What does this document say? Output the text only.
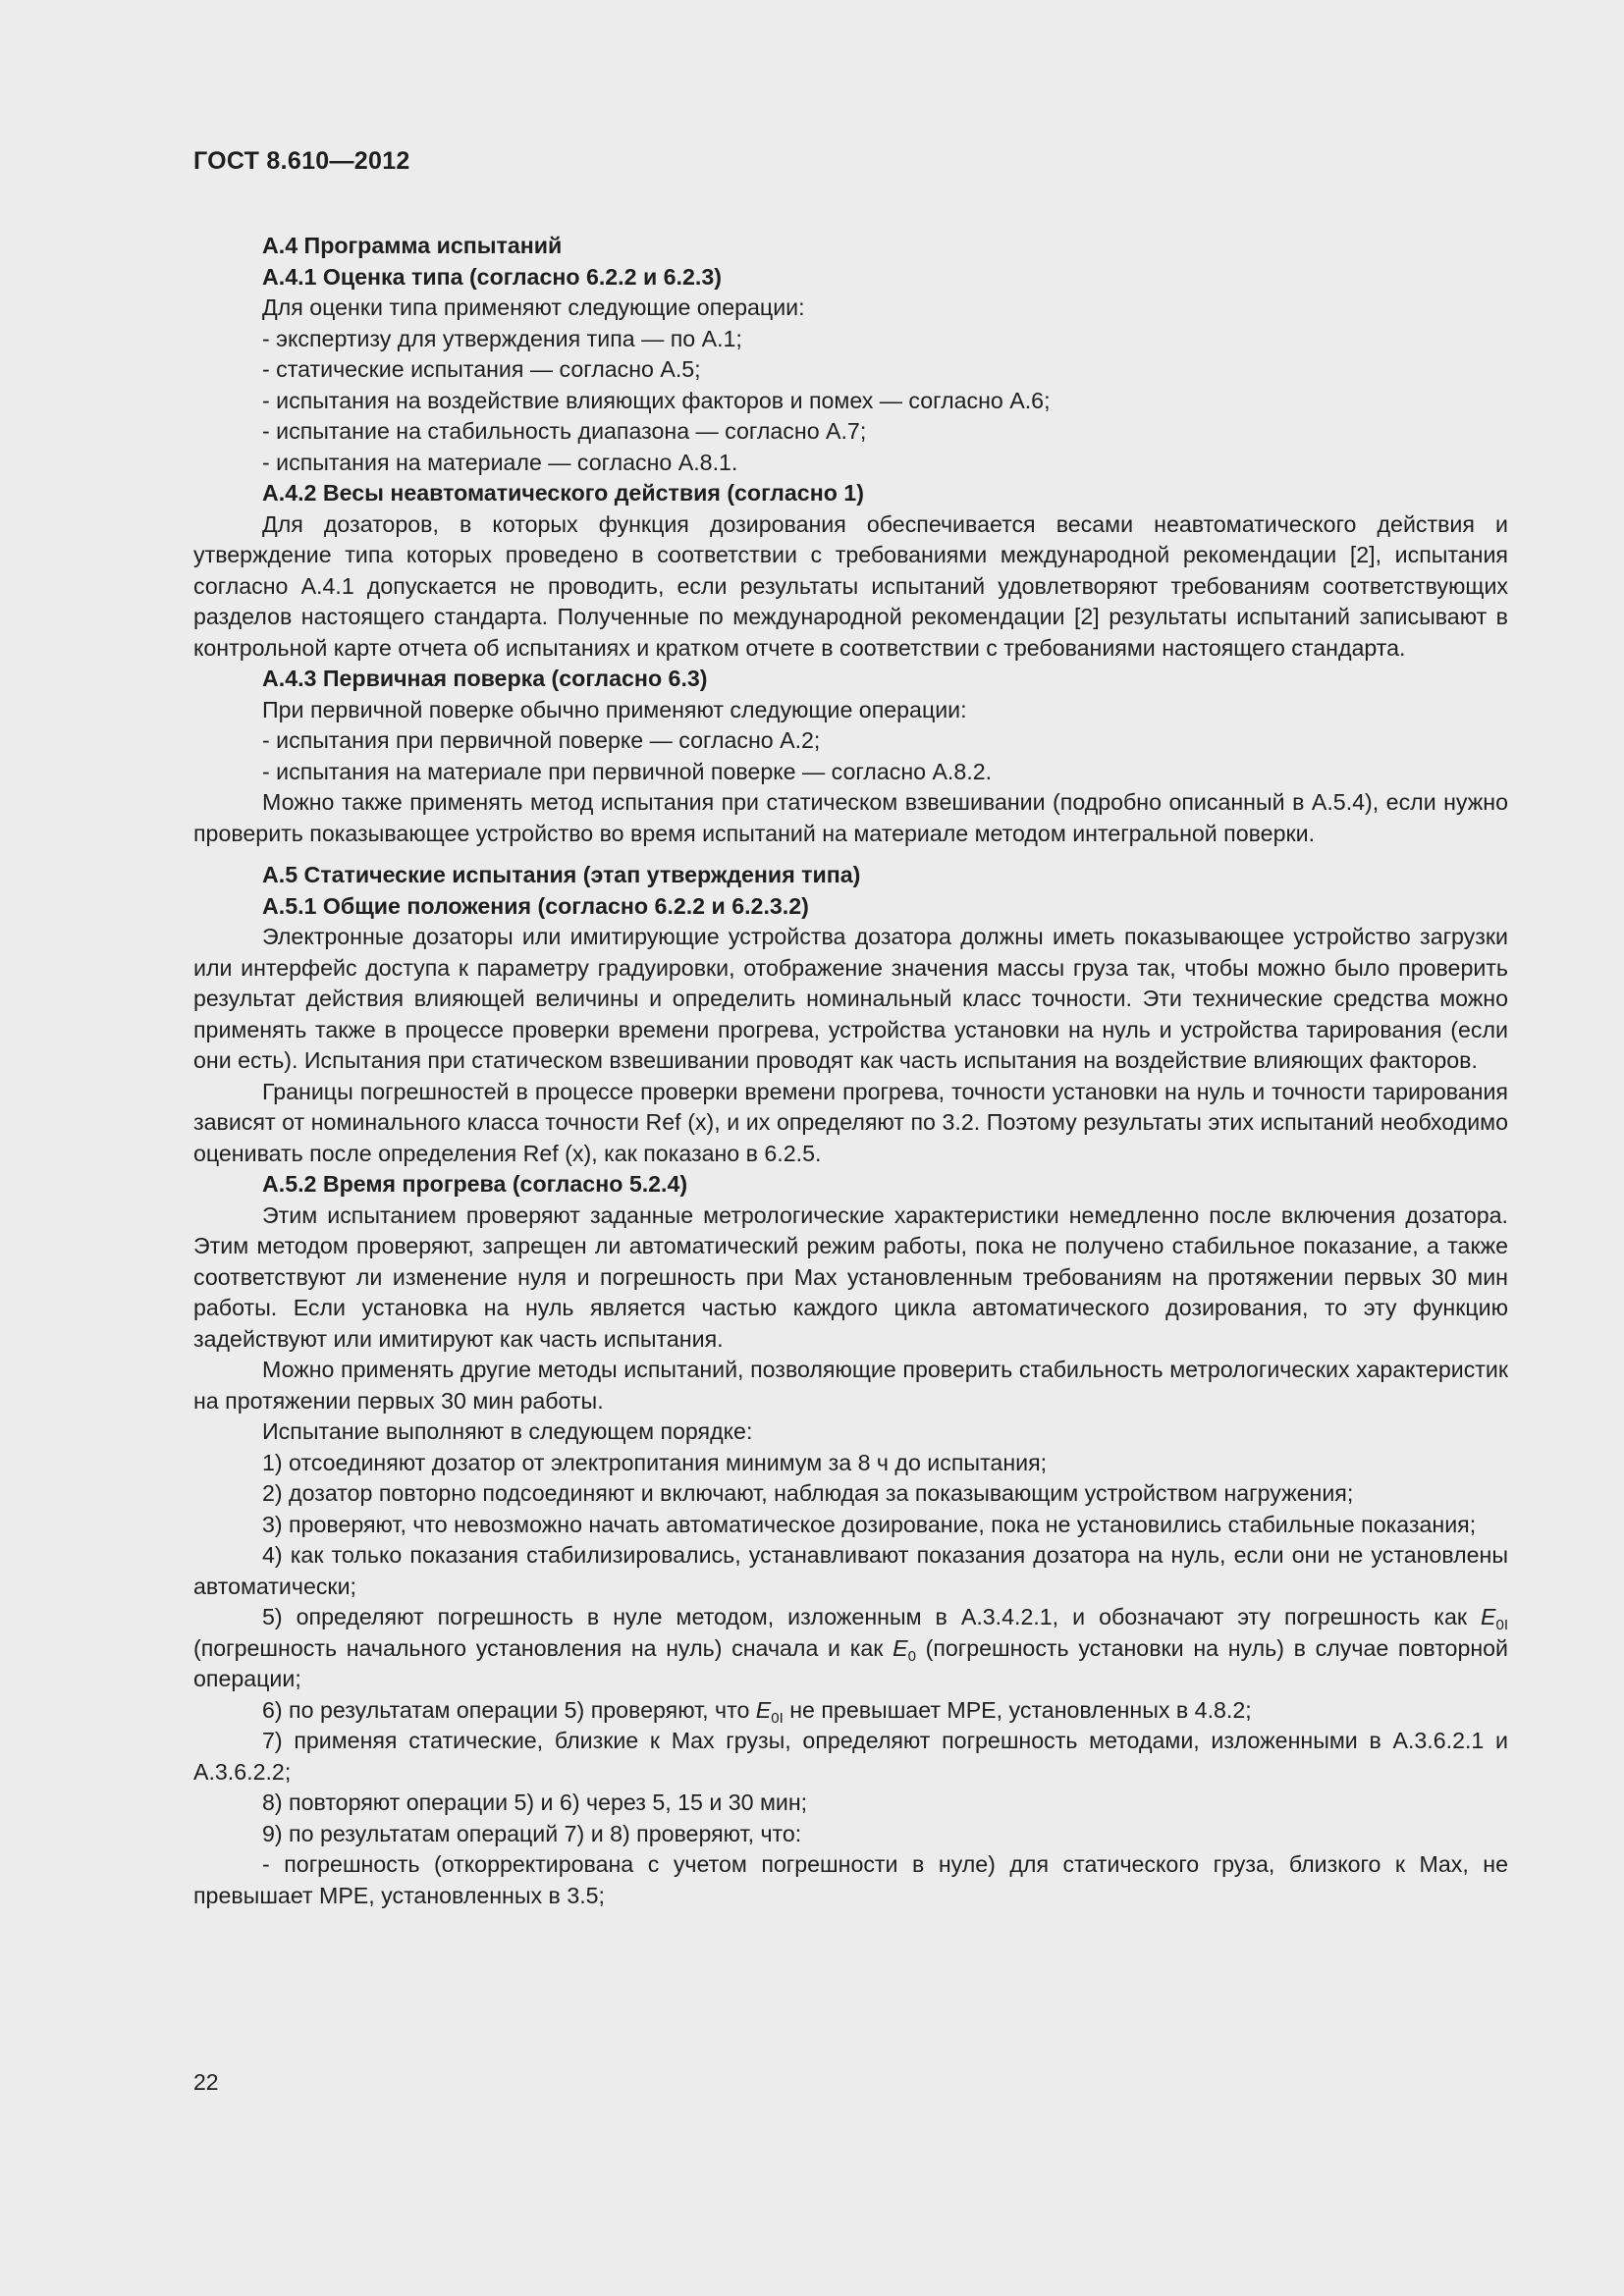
ГОСТ 8.610—2012

А.4 Программа испытаний

А.4.1 Оценка типа (согласно 6.2.2 и 6.2.3)

Для оценки типа применяют следующие операции:

- экспертизу для утверждения типа — по А.1;

- статические испытания — согласно А.5;

- испытания на воздействие влияющих факторов и помех — согласно А.6;

- испытание на стабильность диапазона — согласно А.7;

- испытания на материале — согласно А.8.1.

А.4.2 Весы неавтоматического действия (согласно 1)

Для дозаторов, в которых функция дозирования обеспечивается весами неавтоматического действия и утверждение типа которых проведено в соответствии с требованиями международной рекомендации [2], испытания согласно А.4.1 допускается не проводить, если результаты испытаний удовлетворяют требованиям соответствующих разделов настоящего стандарта. Полученные по международной рекомендации [2] результаты испытаний записывают в контрольной карте отчета об испытаниях и кратком отчете в соответствии с требованиями настоящего стандарта.

А.4.3 Первичная поверка (согласно 6.3)

При первичной поверке обычно применяют следующие операции:

- испытания при первичной поверке — согласно А.2;

- испытания на материале при первичной поверке — согласно А.8.2.

Можно также применять метод испытания при статическом взвешивании (подробно описанный в А.5.4), если нужно проверить показывающее устройство во время испытаний на материале методом интегральной поверки.

А.5 Статические испытания (этап утверждения типа)

А.5.1 Общие положения (согласно 6.2.2 и 6.2.3.2)

Электронные дозаторы или имитирующие устройства дозатора должны иметь показывающее устройство загрузки или интерфейс доступа к параметру градуировки, отображение значения массы груза так, чтобы можно было проверить результат действия влияющей величины и определить номинальный класс точности. Эти технические средства можно применять также в процессе проверки времени прогрева, устройства установки на нуль и устройства тарирования (если они есть). Испытания при статическом взвешивании проводят как часть испытания на воздействие влияющих факторов.

Границы погрешностей в процессе проверки времени прогрева, точности установки на нуль и точности тарирования зависят от номинального класса точности Ref (x), и их определяют по 3.2. Поэтому результаты этих испытаний необходимо оценивать после определения Ref (x), как показано в 6.2.5.

А.5.2 Время прогрева (согласно 5.2.4)

Этим испытанием проверяют заданные метрологические характеристики немедленно после включения дозатора. Этим методом проверяют, запрещен ли автоматический режим работы, пока не получено стабильное показание, а также соответствуют ли изменение нуля и погрешность при Max установленным требованиям на протяжении первых 30 мин работы. Если установка на нуль является частью каждого цикла автоматического дозирования, то эту функцию задействуют или имитируют как часть испытания.

Можно применять другие методы испытаний, позволяющие проверить стабильность метрологических характеристик на протяжении первых 30 мин работы.

Испытание выполняют в следующем порядке:

1) отсоединяют дозатор от электропитания минимум за 8 ч до испытания;

2) дозатор повторно подсоединяют и включают, наблюдая за показывающим устройством нагружения;

3) проверяют, что невозможно начать автоматическое дозирование, пока не установились стабильные показания;

4) как только показания стабилизировались, устанавливают показания дозатора на нуль, если они не установлены автоматически;

5) определяют погрешность в нуле методом, изложенным в А.3.4.2.1, и обозначают эту погрешность как $E_{0I}$ (погрешность начального установления на нуль) сначала и как $E_0$ (погрешность установки на нуль) в случае повторной операции;

6) по результатам операции 5) проверяют, что $E_{0I}$ не превышает МРЕ, установленных в 4.8.2;

7) применяя статические, близкие к Max грузы, определяют погрешность методами, изложенными в А.3.6.2.1 и А.3.6.2.2;

8) повторяют операции 5) и 6) через 5, 15 и 30 мин;

9) по результатам операций 7) и 8) проверяют, что:

- погрешность (откорректирована с учетом погрешности в нуле) для статического груза, близкого к Max, не превышает МРЕ, установленных в 3.5;

22
